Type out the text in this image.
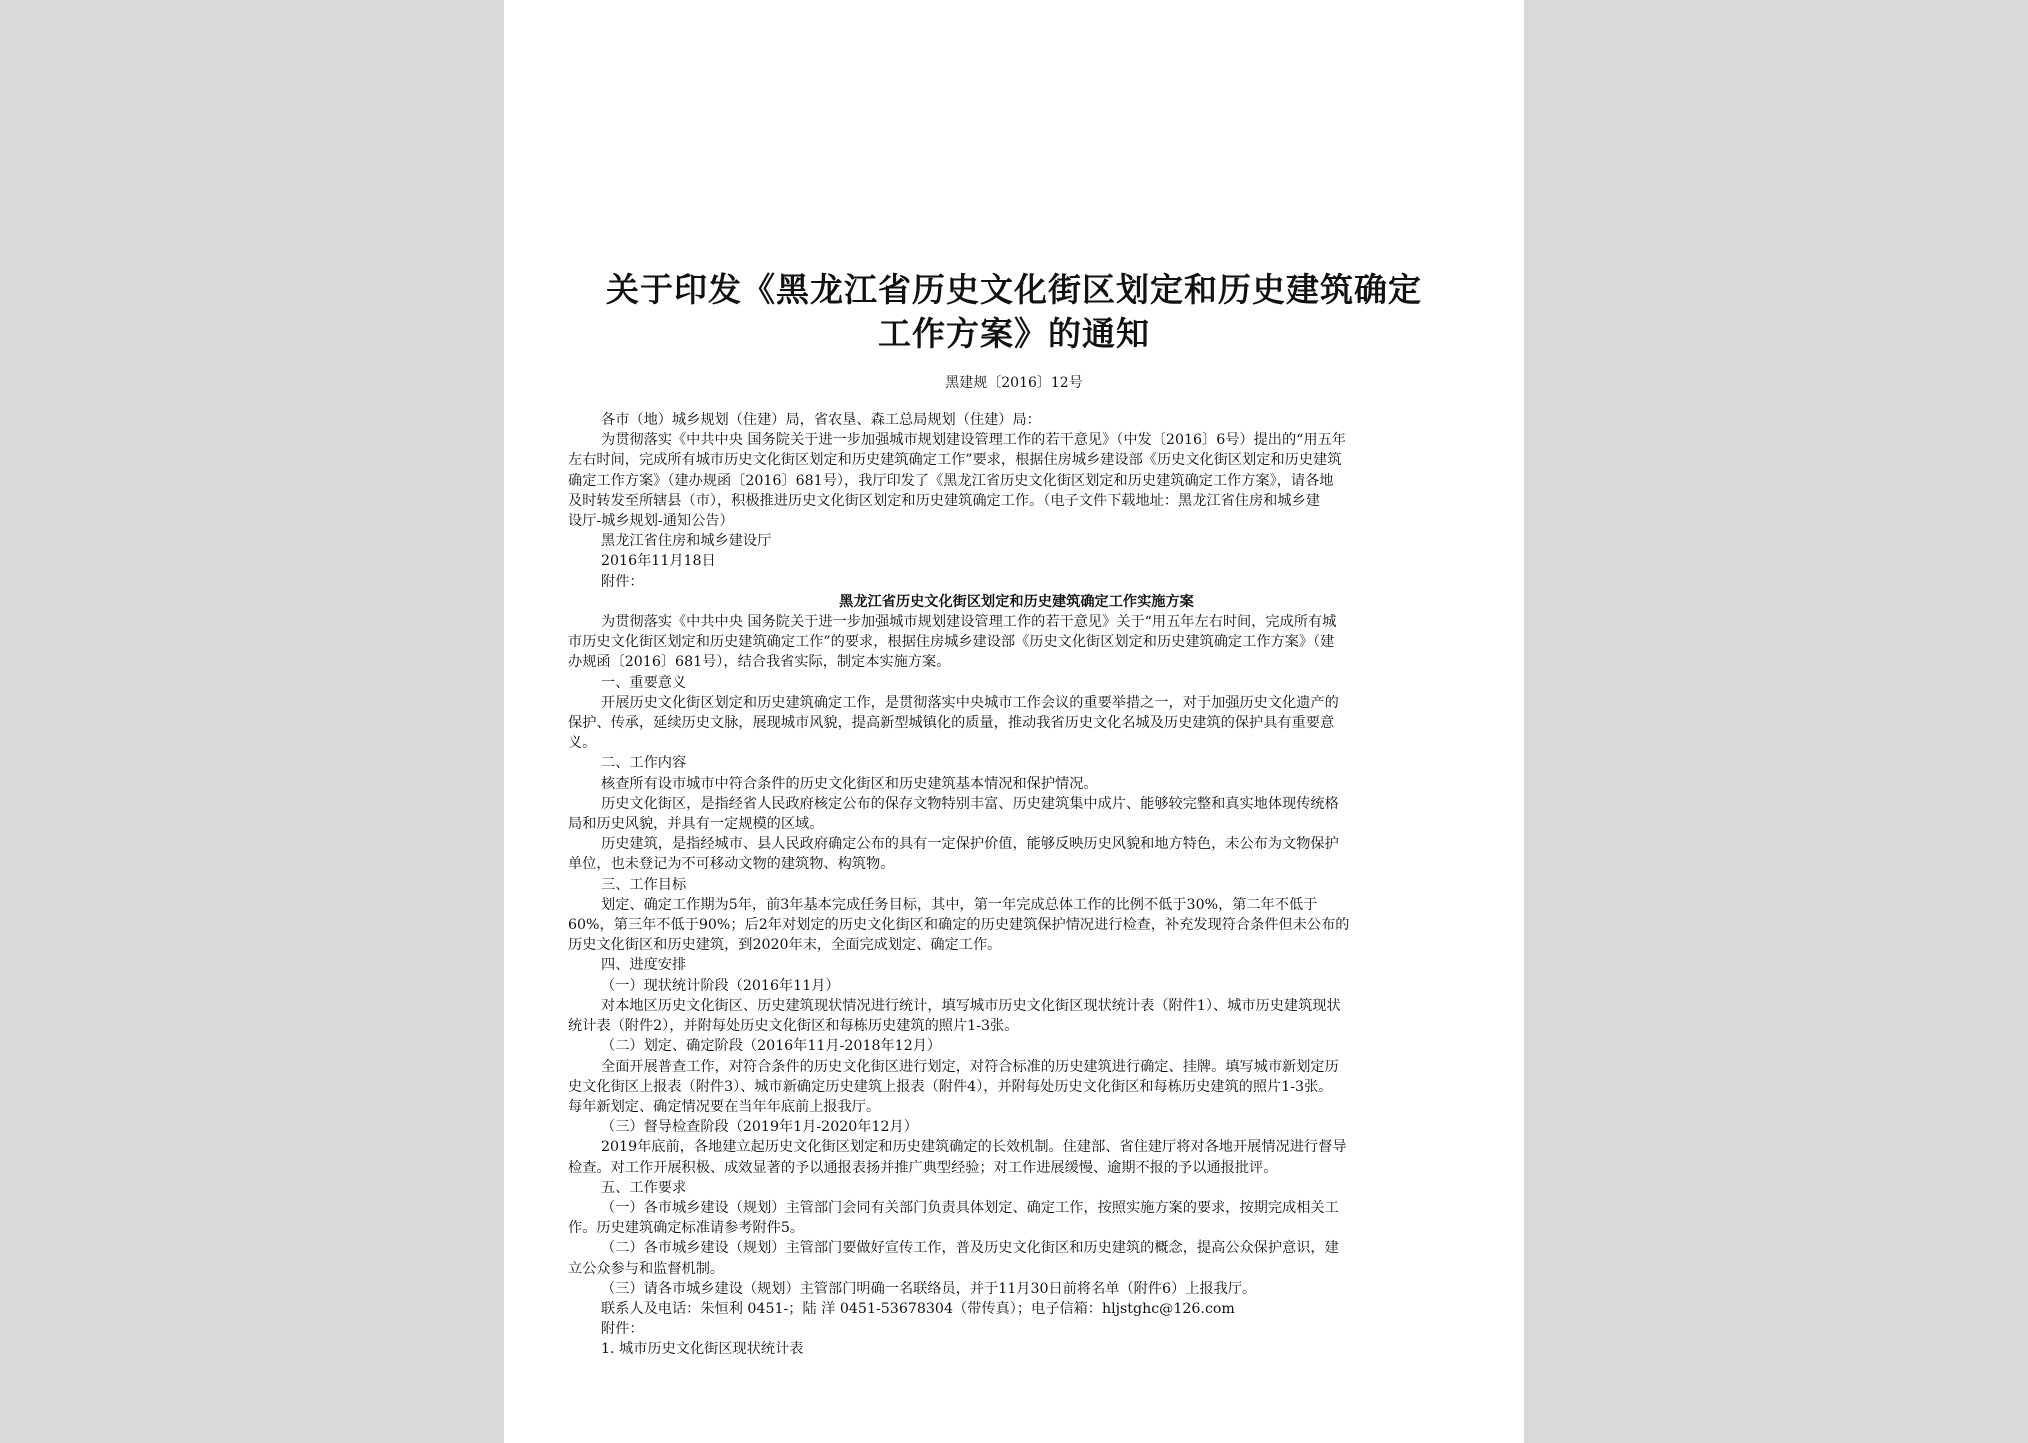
关于印发《黑龙江省历史文化街区划定和历史建筑确定
工作方案》的通知
黑建规〔2016〕12号

各市（地）城乡规划（住建）局，省农垦、森工总局规划（住建）局：

为贯彻落实《中共中央 国务院关于进一步加强城市规划建设管理工作的若干意见》（中发〔2016〕6号）提出的“用五年

左右时间，完成所有城市历史文化街区划定和历史建筑确定工作”要求，根据住房城乡建设部《历史文化街区划定和历史建筑

确定工作方案》（建办规函〔2016〕681号），我厅印发了《黑龙江省历史文化街区划定和历史建筑确定工作方案》，请各地

及时转发至所辖县（市），积极推进历史文化街区划定和历史建筑确定工作。（电子文件下载地址：黑龙江省住房和城乡建

设厅-城乡规划-通知公告）

黑龙江省住房和城乡建设厅

2016年11月18日

附件：

黑龙江省历史文化街区划定和历史建筑确定工作实施方案

为贯彻落实《中共中央 国务院关于进一步加强城市规划建设管理工作的若干意见》关于“用五年左右时间，完成所有城

市历史文化街区划定和历史建筑确定工作”的要求，根据住房城乡建设部《历史文化街区划定和历史建筑确定工作方案》（建

办规函〔2016〕681号），结合我省实际，制定本实施方案。

一、重要意义

开展历史文化街区划定和历史建筑确定工作，是贯彻落实中央城市工作会议的重要举措之一，对于加强历史文化遗产的

保护、传承，延续历史文脉，展现城市风貌，提高新型城镇化的质量，推动我省历史文化名城及历史建筑的保护具有重要意

义。

二、工作内容

核查所有设市城市中符合条件的历史文化街区和历史建筑基本情况和保护情况。

历史文化街区，是指经省人民政府核定公布的保存文物特别丰富、历史建筑集中成片、能够较完整和真实地体现传统格

局和历史风貌，并具有一定规模的区域。

历史建筑，是指经城市、县人民政府确定公布的具有一定保护价值，能够反映历史风貌和地方特色，未公布为文物保护

单位，也未登记为不可移动文物的建筑物、构筑物。

三、工作目标

划定、确定工作期为5年，前3年基本完成任务目标，其中，第一年完成总体工作的比例不低于30%，第二年不低于

60%，第三年不低于90%；后2年对划定的历史文化街区和确定的历史建筑保护情况进行检查，补充发现符合条件但未公布的

历史文化街区和历史建筑，到2020年末，全面完成划定、确定工作。

四、进度安排

（一）现状统计阶段（2016年11月）

对本地区历史文化街区、历史建筑现状情况进行统计，填写城市历史文化街区现状统计表（附件1）、城市历史建筑现状

统计表（附件2），并附每处历史文化街区和每栋历史建筑的照片1-3张。

（二）划定、确定阶段（2016年11月-2018年12月）

全面开展普查工作，对符合条件的历史文化街区进行划定，对符合标准的历史建筑进行确定、挂牌。填写城市新划定历

史文化街区上报表（附件3）、城市新确定历史建筑上报表（附件4），并附每处历史文化街区和每栋历史建筑的照片1-3张。

每年新划定、确定情况要在当年年底前上报我厅。

（三）督导检查阶段（2019年1月-2020年12月）

2019年底前，各地建立起历史文化街区划定和历史建筑确定的长效机制。住建部、省住建厅将对各地开展情况进行督导

检查。对工作开展积极、成效显著的予以通报表扬并推广典型经验；对工作进展缓慢、逾期不报的予以通报批评。

五、工作要求

（一）各市城乡建设（规划）主管部门会同有关部门负责具体划定、确定工作，按照实施方案的要求，按期完成相关工

作。历史建筑确定标准请参考附件5。

（二）各市城乡建设（规划）主管部门要做好宣传工作，普及历史文化街区和历史建筑的概念，提高公众保护意识，建

立公众参与和监督机制。

（三）请各市城乡建设（规划）主管部门明确一名联络员，并于11月30日前将名单（附件6）上报我厅。

联系人及电话：朱恒利 0451-；陆 洋 0451-53678304（带传真）；电子信箱：hljstghc@126.com

附件：

1. 城市历史文化街区现状统计表
